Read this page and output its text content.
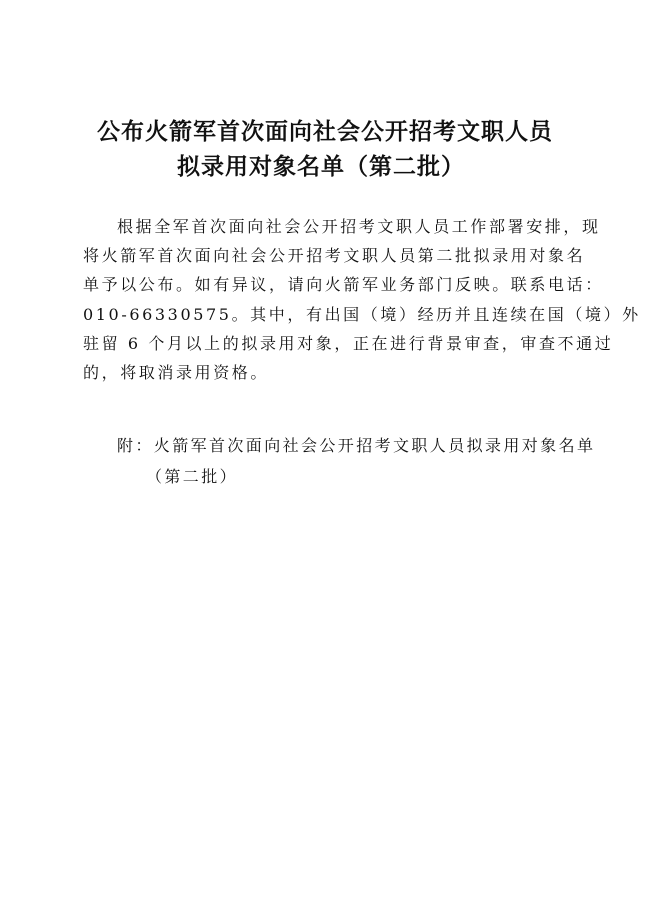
公布火箭军首次面向社会公开招考文职人员
拟录用对象名单（第二批）
根据全军首次面向社会公开招考文职人员工作部署安排，现
将火箭军首次面向社会公开招考文职人员第二批拟录用对象名
单予以公布。如有异议，请向火箭军业务部门反映。联系电话：
010-66330575。其中，有出国（境）经历并且连续在国（境）外
驻留 6 个月以上的拟录用对象，正在进行背景审查，审查不通过
的，将取消录用资格。
附：火箭军首次面向社会公开招考文职人员拟录用对象名单
（第二批）
